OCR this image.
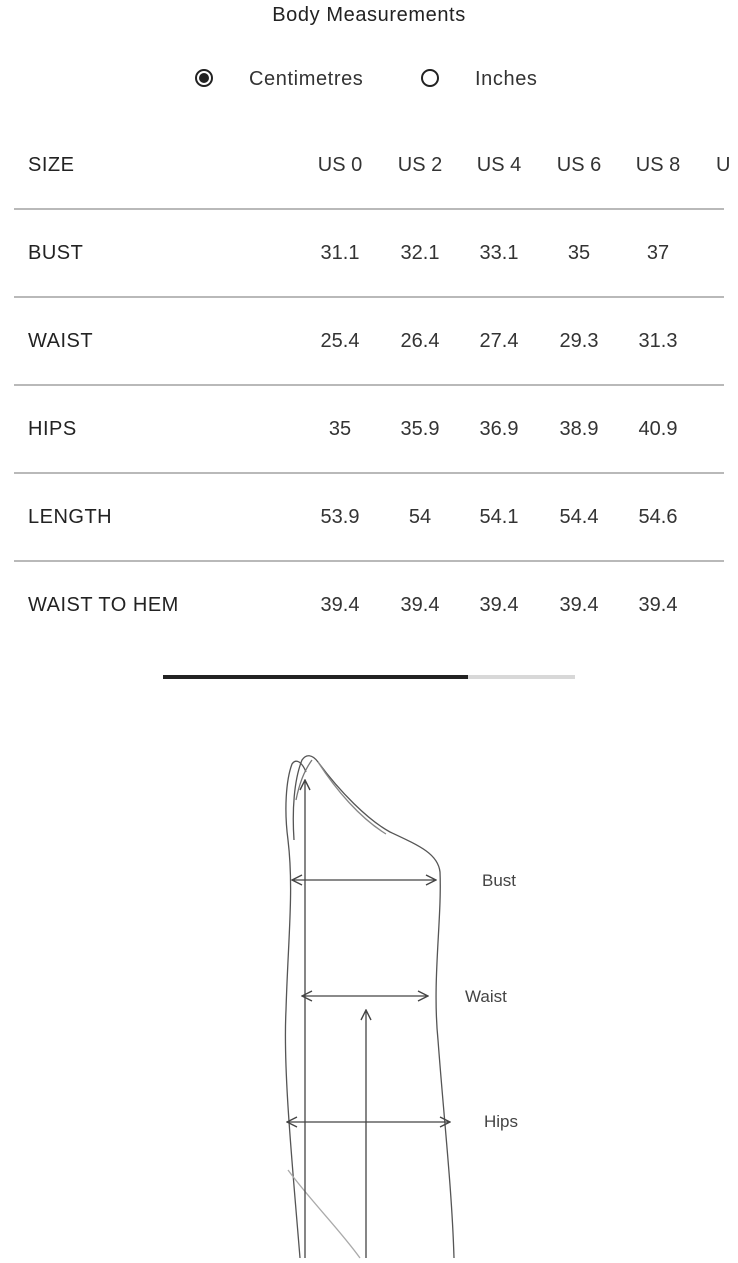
Body Measurements
Centimetres	Inches
SIZE	US 0	US 2	US 4	US 6	US 8	U
BUST	31.1	32.1	33.1	35	37
WAIST	25.4	26.4	27.4	29.3	31.3
HIPS	35	35.9	36.9	38.9	40.9
LENGTH	53.9	54	54.1	54.4	54.6
WAIST TO HEM	39.4	39.4	39.4	39.4	39.4
Bust
Waist
Hips
